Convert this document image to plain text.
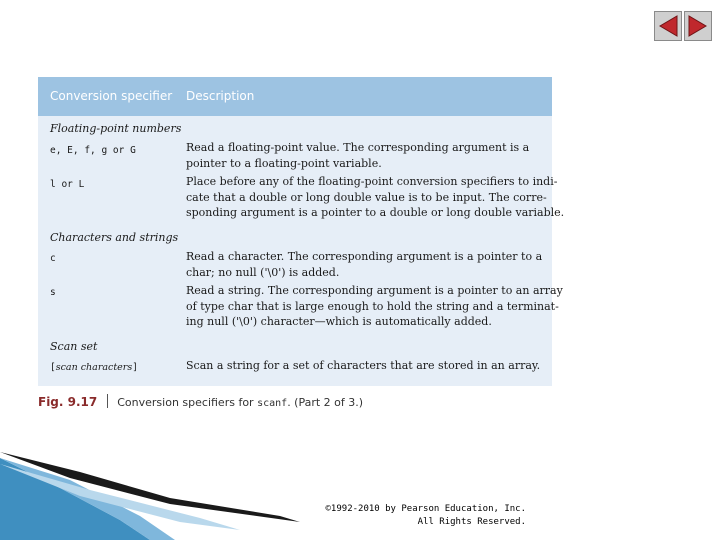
Conversion specifier Description
Floating-point numbers
e, E, f, g or G	Read a floating-point value. The corresponding argument is a
pointer to a floating-point variable.
l or L	Place before any of the floating-point conversion specifiers to indi-
cate that a double or long double value is to be input. The corre-
sponding argument is a pointer to a double or long double variable.
Characters and strings
c	Read a character. The corresponding argument is a pointer to a
char; no null ('\0') is added.
s	Read a string. The corresponding argument is a pointer to an array
of type char that is large enough to hold the string and a terminat-
ing null ('\0') character—which is automatically added.
Scan set
[scan characters]	Scan a string for a set of characters that are stored in an array.
Fig. 9.17 Conversion specifiers for scanf. (Part 2 of 3.)
©1992-2010 by Pearson Education, Inc.
All Rights Reserved.
